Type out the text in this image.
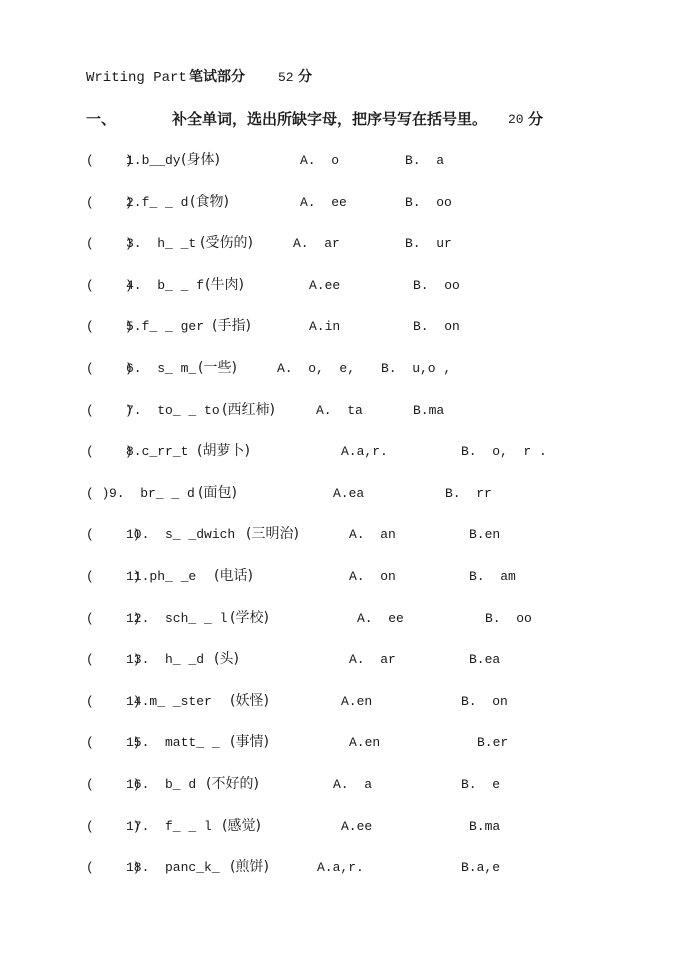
Writing Part 笔试部分	52 分
一、	补全单词，选出所缺字母，把序号写在括号里。 20 分
(    )
1.b__dy (身体)	A.  o	B.  a
(    )
2.f_ _ d (食物)	A.  ee	B.  oo
(    )
3.  h_ _t (受伤的)	A.  ar	B.  ur
(    )
4.  b_ _ f (牛肉)	A.ee	B.  oo
(    )
5.f_ _ ger (手指)	A.in	B.  on
(    )
6.  s_ m_ (一些)	A.  o,  e, B.  u,o ,
(    )
7.  to_ _ to (西红柿)	A.  ta	B.ma
(    )
8.c_rr_t (胡萝卜)	A.a,r.	B.  o,  r .
( ) 9.  br_ _ d (面包)	A.ea	B.  rr
(     )
10.  s_ _dwich (三明治)	A.  an	B.en
(     )
11.ph_ _e (电话)	A.  on	B.  am
(     )
12.  sch_ _ l (学校)	A.  ee	B.  oo
(     )
13.  h_ _d (头)	A.  ar	B.ea
(     )
14.m_ _ster (妖怪)	A.en	B.  on
(     )
15.  matt_ _ (事情)	A.en	B.er
(     )
16.  b_ d (不好的)	A.  a	B.  e
(     )
17.  f_ _ l (感觉)	A.ee	B.ma
(     )
18.  panc_k_ (煎饼)	A.a,r.	B.a,e
